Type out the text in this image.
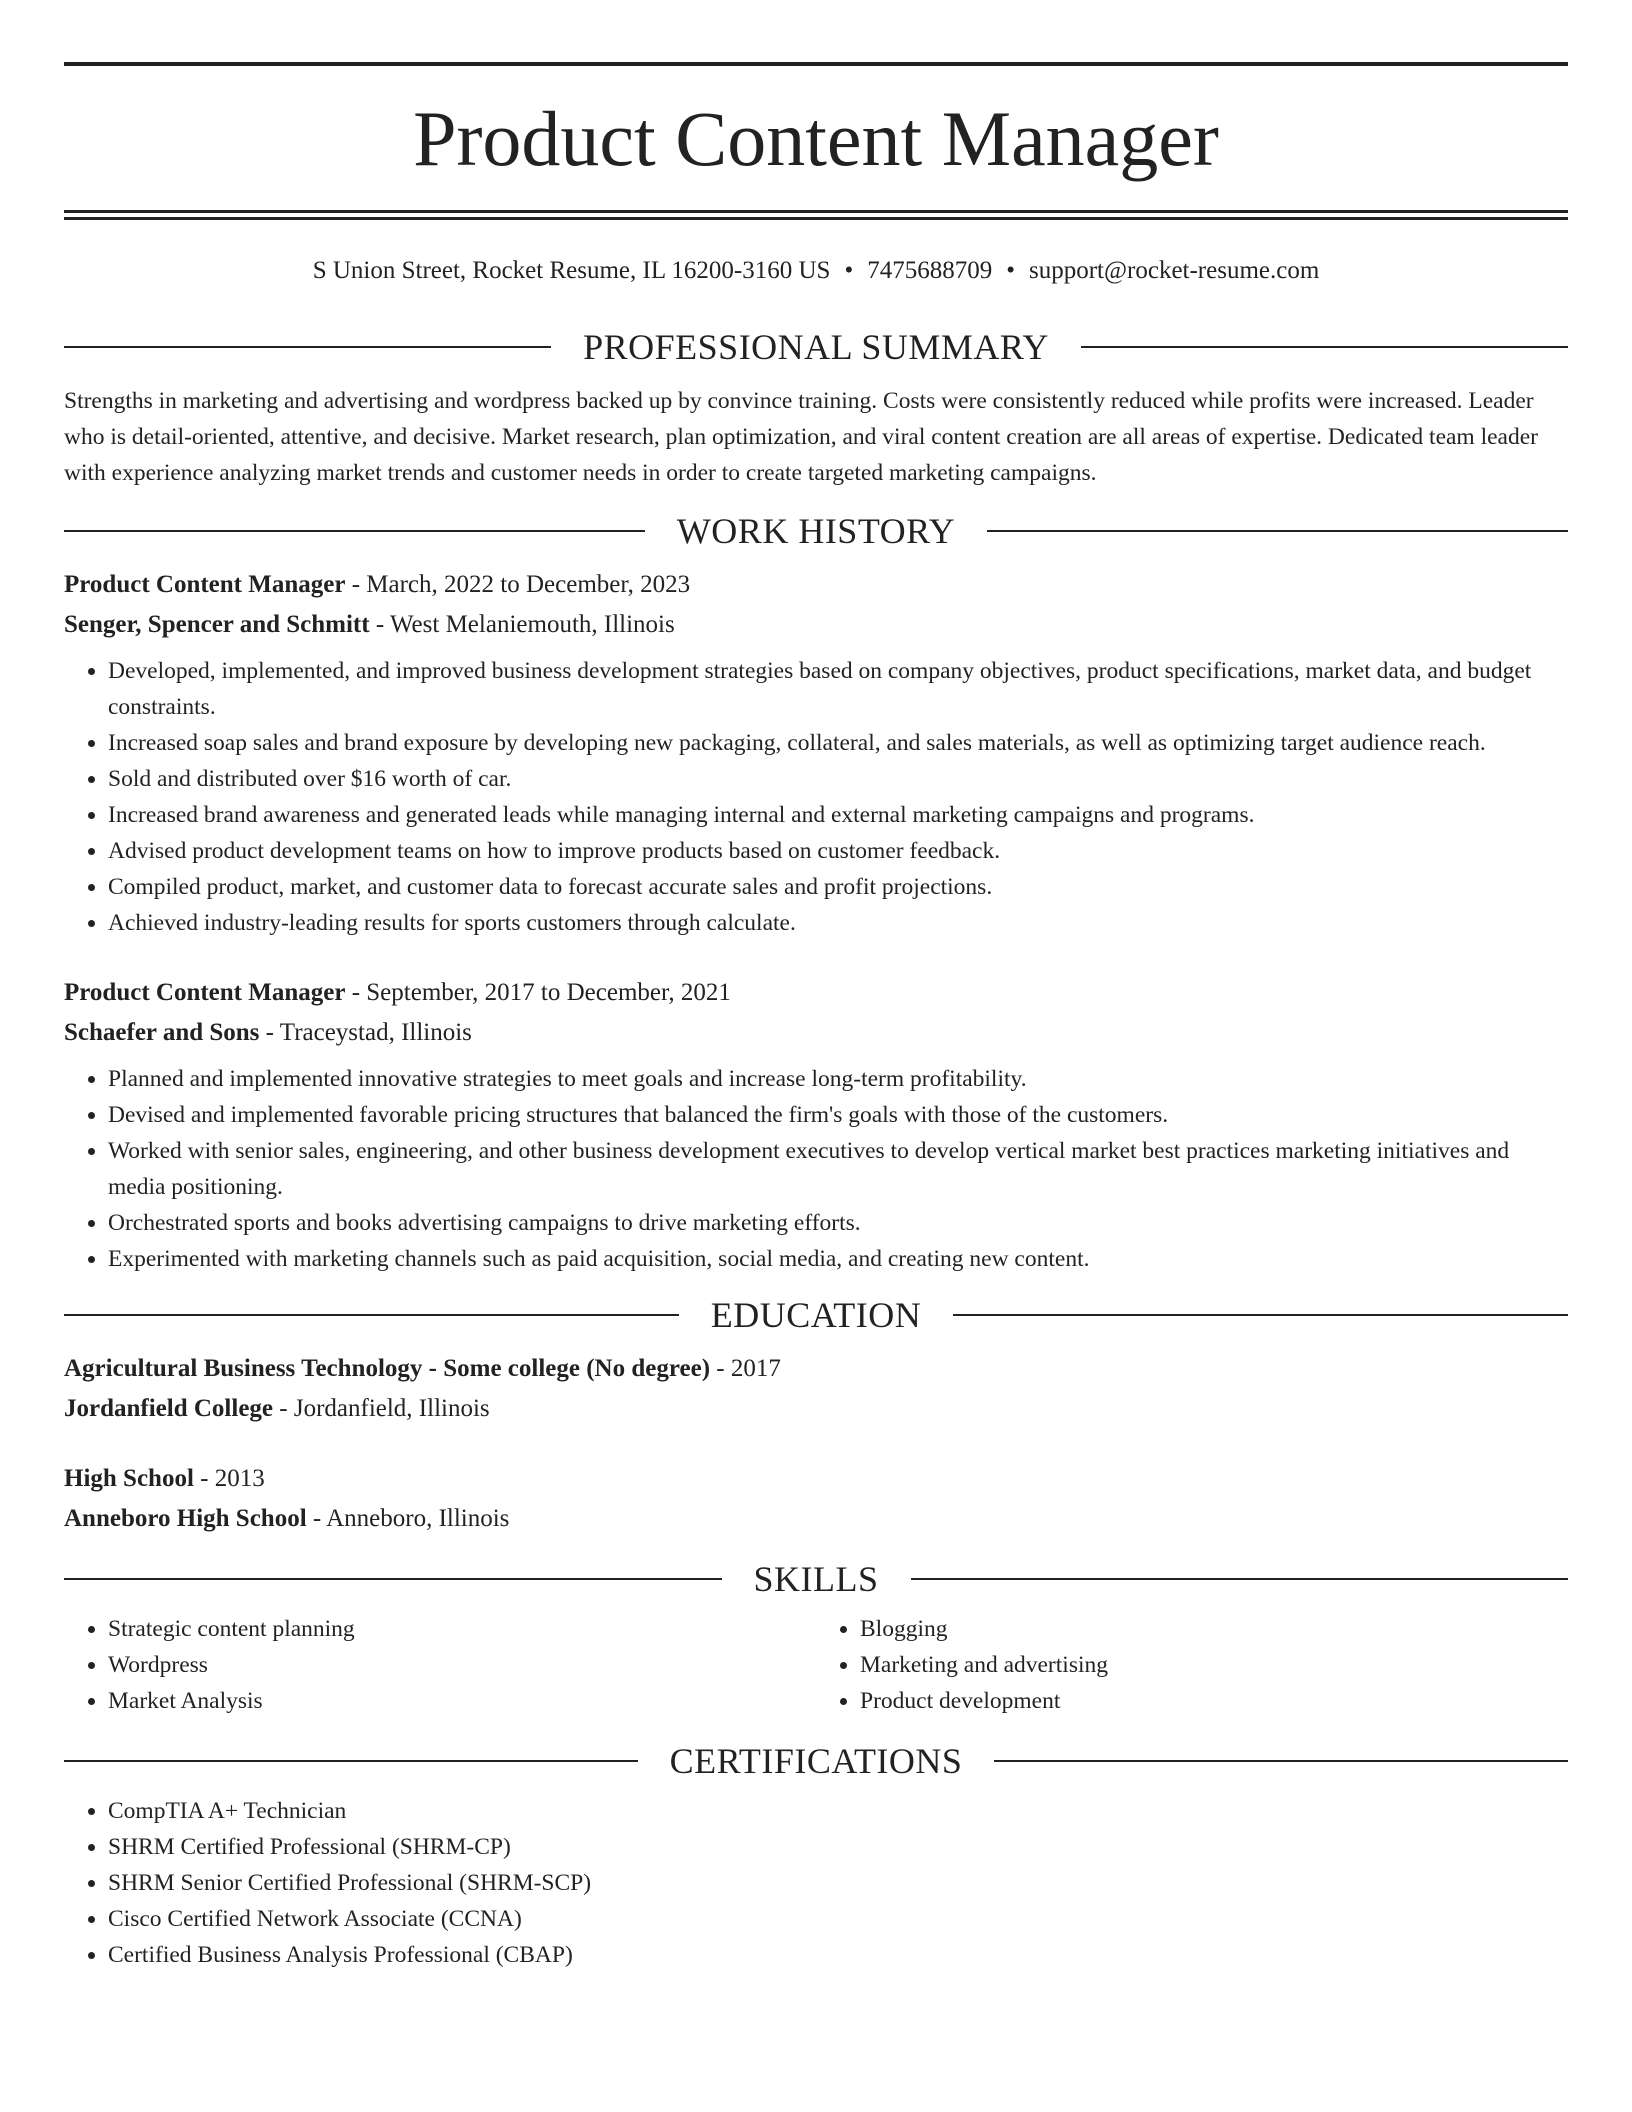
Product Content Manager
S Union Street, Rocket Resume, IL 16200-3160 US • 7475688709 • support@rocket-resume.com
PROFESSIONAL SUMMARY

Strengths in marketing and advertising and wordpress backed up by convince training. Costs were consistently reduced while profits were increased. Leader who is detail-oriented, attentive, and decisive. Market research, plan optimization, and viral content creation are all areas of expertise. Dedicated team leader with experience analyzing market trends and customer needs in order to create targeted marketing campaigns.

WORK HISTORY

Product Content Manager - March, 2022 to December, 2023

Senger, Spencer and Schmitt - West Melaniemouth, Illinois

• Developed, implemented, and improved business development strategies based on company objectives, product specifications, market data, and budget constraints.
• Increased soap sales and brand exposure by developing new packaging, collateral, and sales materials, as well as optimizing target audience reach.
• Sold and distributed over $16 worth of car.
• Increased brand awareness and generated leads while managing internal and external marketing campaigns and programs.
• Advised product development teams on how to improve products based on customer feedback.
• Compiled product, market, and customer data to forecast accurate sales and profit projections.
• Achieved industry-leading results for sports customers through calculate.

Product Content Manager - September, 2017 to December, 2021

Schaefer and Sons - Traceystad, Illinois

• Planned and implemented innovative strategies to meet goals and increase long-term profitability.
• Devised and implemented favorable pricing structures that balanced the firm's goals with those of the customers.
• Worked with senior sales, engineering, and other business development executives to develop vertical market best practices marketing initiatives and media positioning.
• Orchestrated sports and books advertising campaigns to drive marketing efforts.
• Experimented with marketing channels such as paid acquisition, social media, and creating new content.
EDUCATION

Agricultural Business Technology - Some college (No degree) - 2017

Jordanfield College - Jordanfield, Illinois

High School - 2013

Anneboro High School - Anneboro, Illinois

SKILLS
• Strategic content planning
• Wordpress
• Market Analysis
• Blogging
• Marketing and advertising
• Product development
CERTIFICATIONS
• CompTIA A+ Technician
• SHRM Certified Professional (SHRM-CP)
• SHRM Senior Certified Professional (SHRM-SCP)
• Cisco Certified Network Associate (CCNA)
• Certified Business Analysis Professional (CBAP)
